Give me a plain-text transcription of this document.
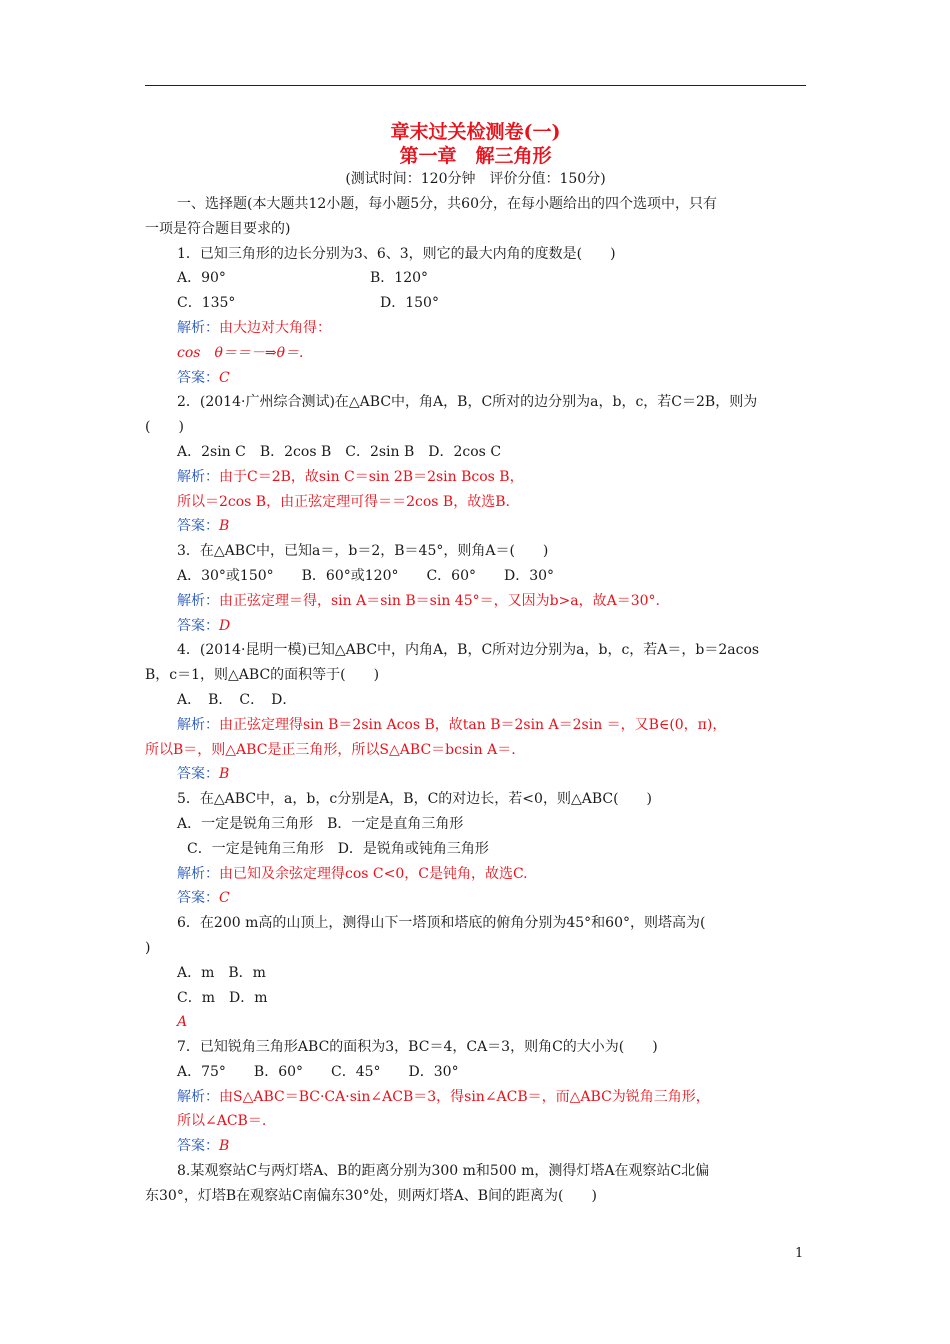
章末过关检测卷(一)
第一章　解三角形
(测试时间：120分钟　评价分值：150分)

一、选择题(本大题共12小题，每小题5分，共60分，在每小题给出的四个选项中，只有

一项是符合题目要求的)

1．已知三角形的边长分别为3、6、3，则它的最大内角的度数是(　　)

A．90°	B．120°

C．135°	D．150°

解析：由大边对大角得：

cos　θ＝＝－⇒θ＝.

答案：C

2．(2014·广州综合测试)在△ABC中，角A，B，C所对的边分别为a，b，c，若C＝2B，则为

(　　)

A．2sin C　B．2cos B　C．2sin B　D．2cos C

解析：由于C＝2B，故sin C＝sin 2B＝2sin Bcos B，

所以＝2cos B，由正弦定理可得＝＝2cos B，故选B.

答案：B

3．在△ABC中，已知a＝，b＝2，B＝45°，则角A＝(　　)

A．30°或150°　　B．60°或120°　　C．60°　　D．30°

解析：由正弦定理＝得，sin A＝sin B＝sin 45°＝，又因为b>a，故A＝30°.

答案：D

4．(2014·昆明一模)已知△ABC中，内角A，B，C所对边分别为a，b，c，若A＝，b＝2acos

B，c＝1，则△ABC的面积等于(　　)

A．　B．　C．　D．

解析：由正弦定理得sin B＝2sin Acos B，故tan B＝2sin A＝2sin ＝，又B∈(0，π)，

所以B＝，则△ABC是正三角形，所以S△ABC＝bcsin A＝.

答案：B

5．在△ABC中，a，b，c分别是A，B，C的对边长，若<0，则△ABC(　　)

A．一定是锐角三角形　B．一定是直角三角形

C．一定是钝角三角形　D．是锐角或钝角三角形

解析：由已知及余弦定理得cos C<0，C是钝角，故选C.

答案：C

6．在200 m高的山顶上，测得山下一塔顶和塔底的俯角分别为45°和60°，则塔高为(

)

A．m　B．m

C．m　D．m

A

7．已知锐角三角形ABC的面积为3，BC＝4，CA＝3，则角C的大小为(　　)

A．75°　　B．60°　　C．45°　　D．30°

解析：由S△ABC＝BC·CA·sin∠ACB＝3，得sin∠ACB＝，而△ABC为锐角三角形，

所以∠ACB＝.

答案：B

8.某观察站C与两灯塔A、B的距离分别为300 m和500 m，测得灯塔A在观察站C北偏

东30°，灯塔B在观察站C南偏东30°处，则两灯塔A、B间的距离为(　　)

1
